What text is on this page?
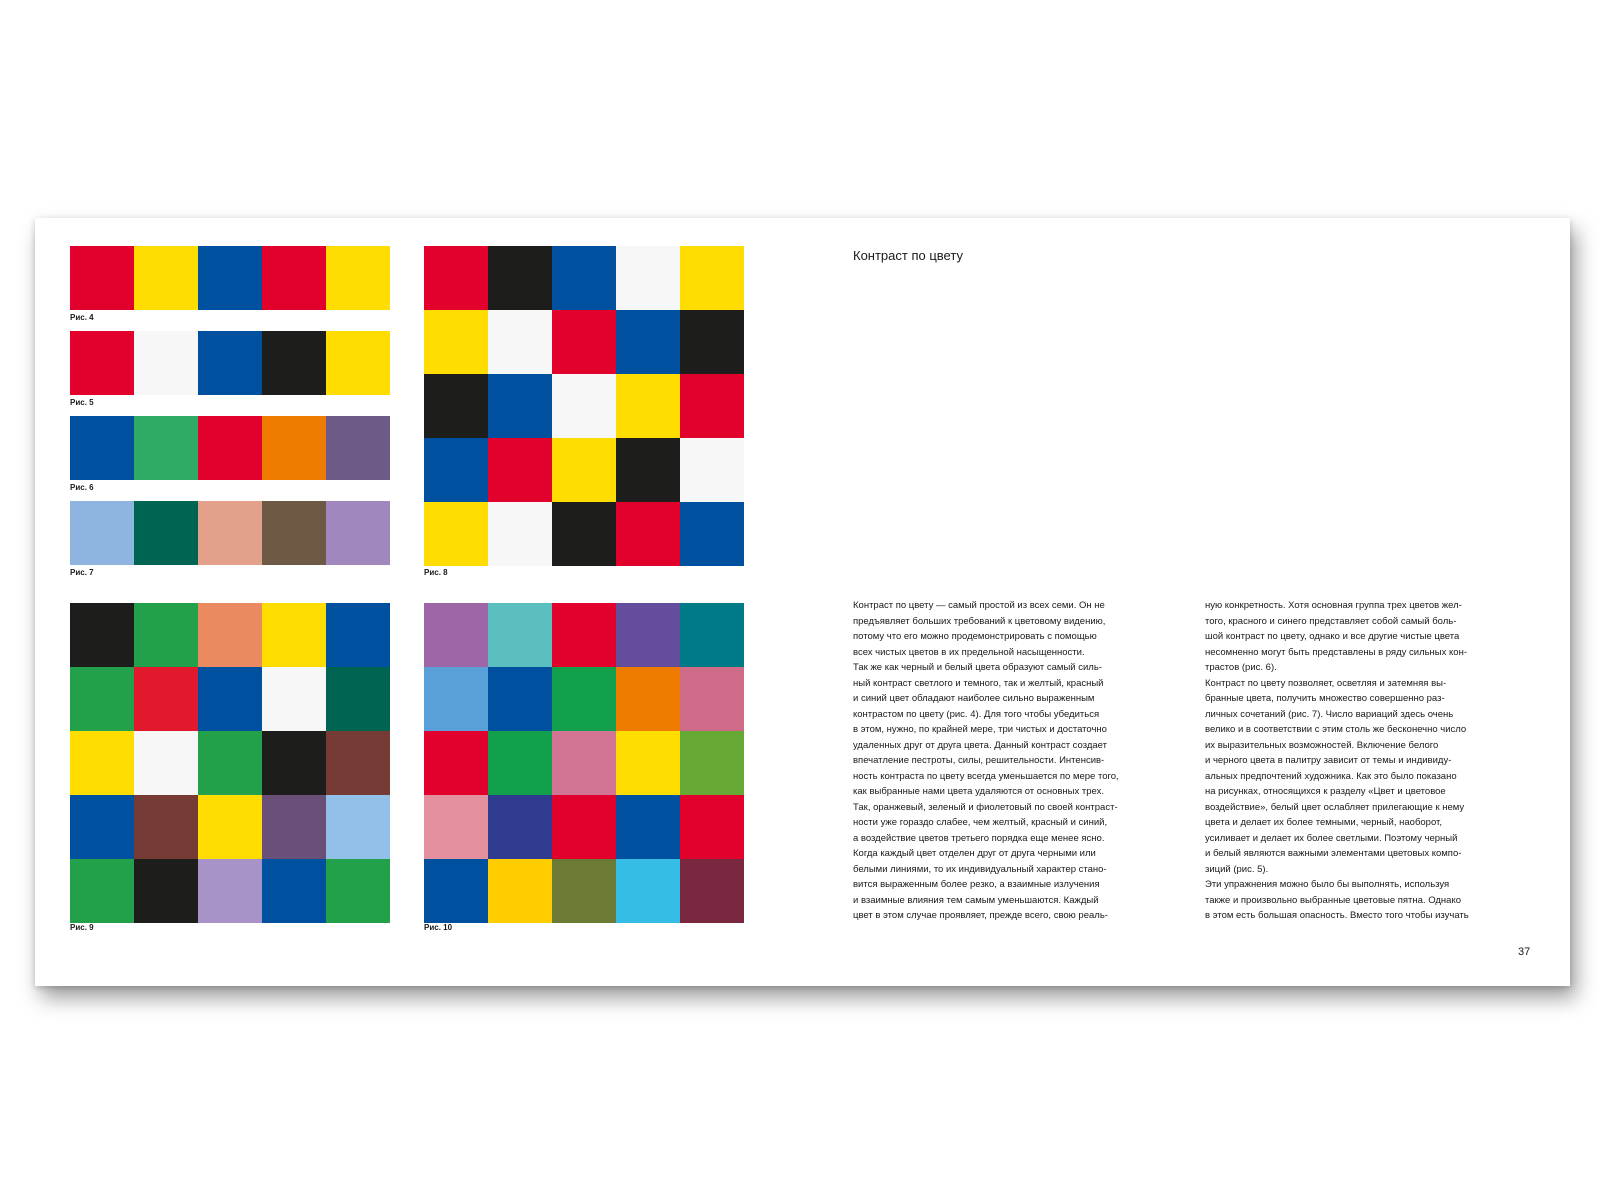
Рис. 4
Рис. 5
Рис. 6
Рис. 7	Рис. 8
Рис. 9	Рис. 10
Контраст по цвету

Контраст по цвету — самый простой из всех семи. Он не

предъявляет больших требований к цветовому видению,

потому что его можно продемонстрировать с помощью

всех чистых цветов в их предельной насыщенности.

Так же как черный и белый цвета образуют самый силь-

ный контраст светлого и темного, так и желтый, красный

и синий цвет обладают наиболее сильно выраженным

контрастом по цвету (рис. 4). Для того чтобы убедиться

в этом, нужно, по крайней мере, три чистых и достаточно

удаленных друг от друга цвета. Данный контраст создает

впечатление пестроты, силы, решительности. Интенсив-

ность контраста по цвету всегда уменьшается по мере того,

как выбранные нами цвета удаляются от основных трех.

Так, оранжевый, зеленый и фиолетовый по своей контраст-

ности уже гораздо слабее, чем желтый, красный и синий,

а воздействие цветов третьего порядка еще менее ясно.

Когда каждый цвет отделен друг от друга черными или

белыми линиями, то их индивидуальный характер стано-

вится выраженным более резко, а взаимные излучения

и взаимные влияния тем самым уменьшаются. Каждый

цвет в этом случае проявляет, прежде всего, свою реаль-

ную конкретность. Хотя основная группа трех цветов жел-

того, красного и синего представляет собой самый боль-

шой контраст по цвету, однако и все другие чистые цвета

несомненно могут быть представлены в ряду сильных кон-

трастов (рис. 6).

Контраст по цвету позволяет, осветляя и затемняя вы-

бранные цвета, получить множество совершенно раз-

личных сочетаний (рис. 7). Число вариаций здесь очень

велико и в соответствии с этим столь же бесконечно число

их выразительных возможностей. Включение белого

и черного цвета в палитру зависит от темы и индивиду-

альных предпочтений художника. Как это было показано

на рисунках, относящихся к разделу «Цвет и цветовое

воздействие», белый цвет ослабляет прилегающие к нему

цвета и делает их более темными, черный, наоборот,

усиливает и делает их более светлыми. Поэтому черный

и белый являются важными элементами цветовых компо-

зиций (рис. 5).

Эти упражнения можно было бы выполнять, используя

также и произвольно выбранные цветовые пятна. Однако

в этом есть большая опасность. Вместо того чтобы изучать

37
